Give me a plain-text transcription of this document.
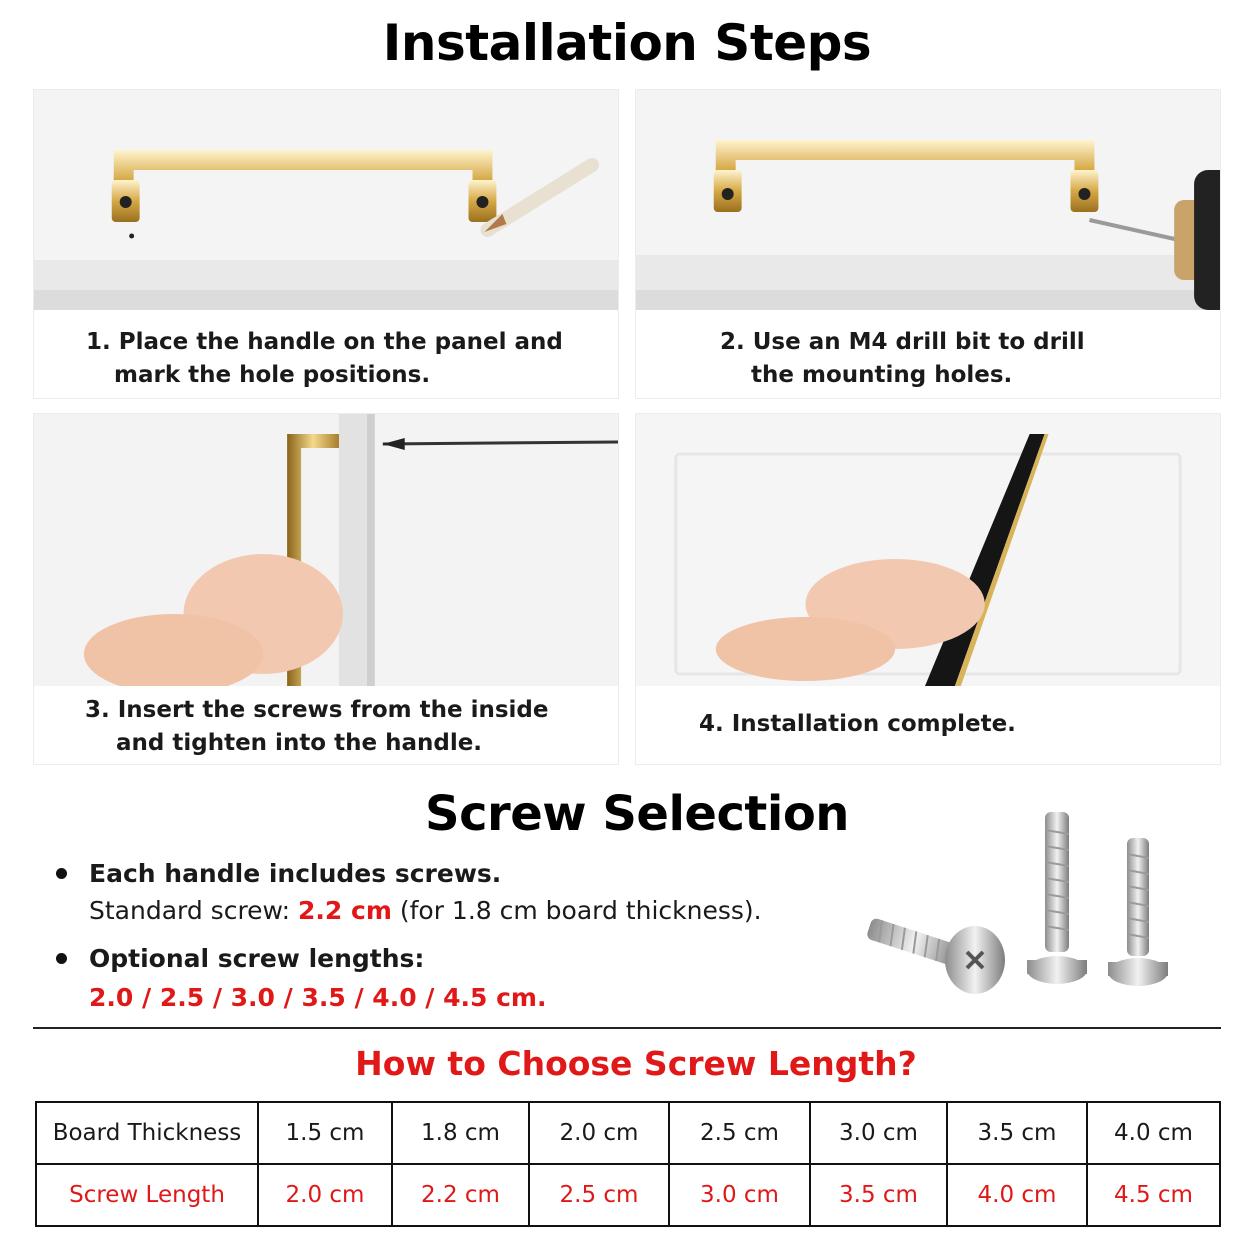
Installation Steps
1. Place the handle on the panel and
mark the hole positions.
2. Use an M4 drill bit to drill
the mounting holes.
3. Insert the screws from the inside
and tighten into the handle.
4. Installation complete.
Screw Selection
Each handle includes screws.
Standard screw: 2.2 cm (for 1.8 cm board thickness).
Optional screw lengths:
2.0 / 2.5 / 3.0 / 3.5 / 4.0 / 4.5 cm.
How to Choose Screw Length?
Board Thickness	1.5 cm	1.8 cm	2.0 cm	2.5 cm	3.0 cm	3.5 cm	4.0 cm
Screw Length	2.0 cm	2.2 cm	2.5 cm	3.0 cm	3.5 cm	4.0 cm	4.5 cm
